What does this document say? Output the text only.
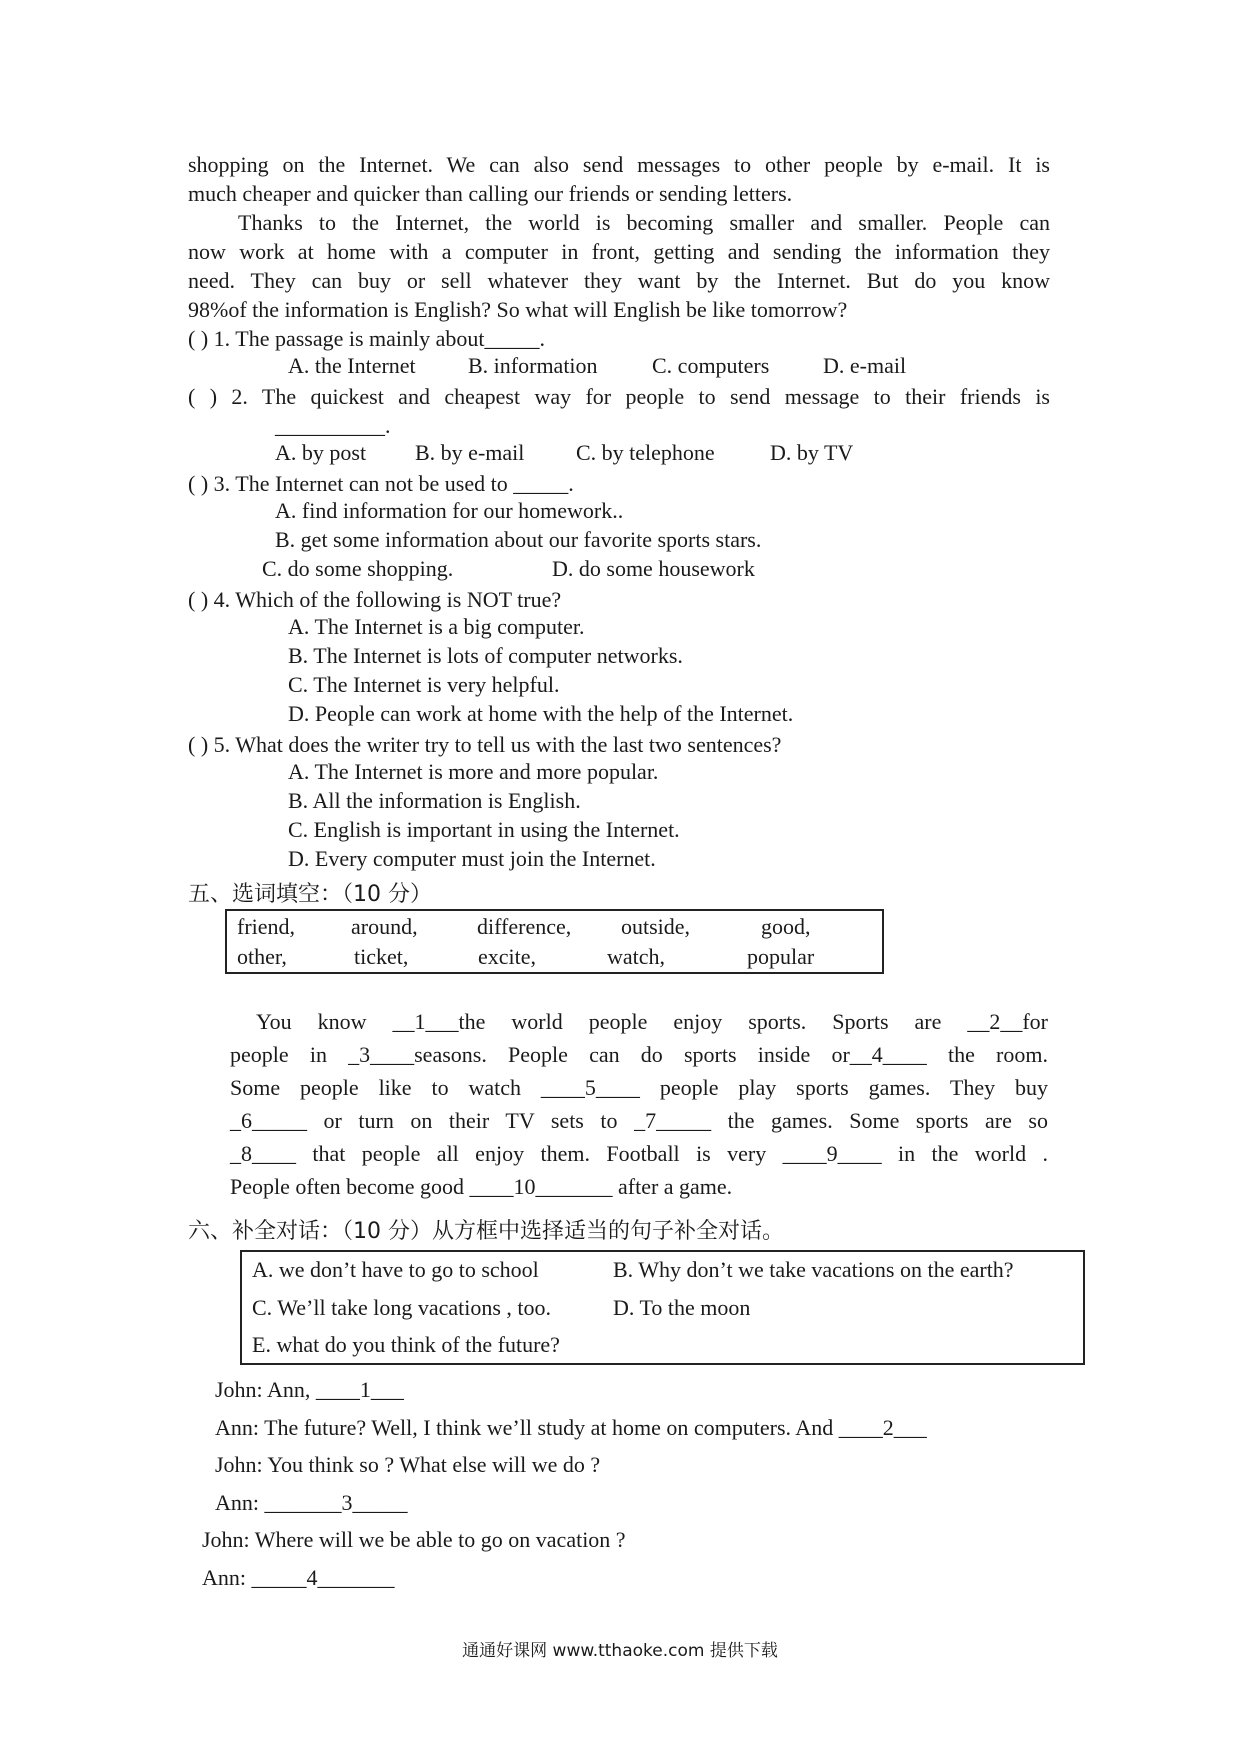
shopping on the Internet. We can also send messages to other people by e-mail. It is
much cheaper and quicker than calling our friends or sending letters.
Thanks to the Internet, the world is becoming smaller and smaller. People can
now work at home with a computer in front, getting and sending the information they
need. They can buy or sell whatever they want by the Internet. But do you know
98%of the information is English? So what will English be like tomorrow?
( ) 1. The passage is mainly about_____.
A. the Internet B. information C. computers D. e-mail
( ) 2. The quickest and cheapest way for people to send message to their friends is
__________.
A. by post B. by e-mail C. by telephone	D. by TV
( ) 3. The Internet can not be used to _____.
A. find information for our homework..
B. get some information about our favorite sports stars.
C. do some shopping.	D. do some housework
( ) 4. Which of the following is NOT true?
A. The Internet is a big computer.
B. The Internet is lots of computer networks.
C. The Internet is very helpful.
D. People can work at home with the help of the Internet.
( ) 5. What does the writer try to tell us with the last two sentences?
A. The Internet is more and more popular.
B. All the information is English.
C. English is important in using the Internet.
D. Every computer must join the Internet.
五、选词填空：（10 分）
friend,	around,	difference, outside,	good,
other,	ticket,	excite,	watch,	popular
You know __1___the world people enjoy sports. Sports are __2__for
people in _3____seasons. People can do sports inside or__4____ the room.
Some people like to watch ____5____ people play sports games. They buy
_6_____ or turn on their TV sets to _7_____ the games. Some sports are so
_8____ that people all enjoy them. Football is very ____9____ in the world .
People often become good ____10_______ after a game.
六、补全对话：（10 分）从方框中选择适当的句子补全对话。
A. we don’t have to go to school	B. Why don’t we take vacations on the earth?
C. We’ll take long vacations , too.	D. To the moon
E. what do you think of the future?
John: Ann, ____1___
Ann: The future? Well, I think we’ll study at home on computers. And ____2___
John: You think so ? What else will we do ?
Ann: _______3_____
John: Where will we be able to go on vacation ?
Ann: _____4_______
通通好课网 www.tthaoke.com 提供下载
